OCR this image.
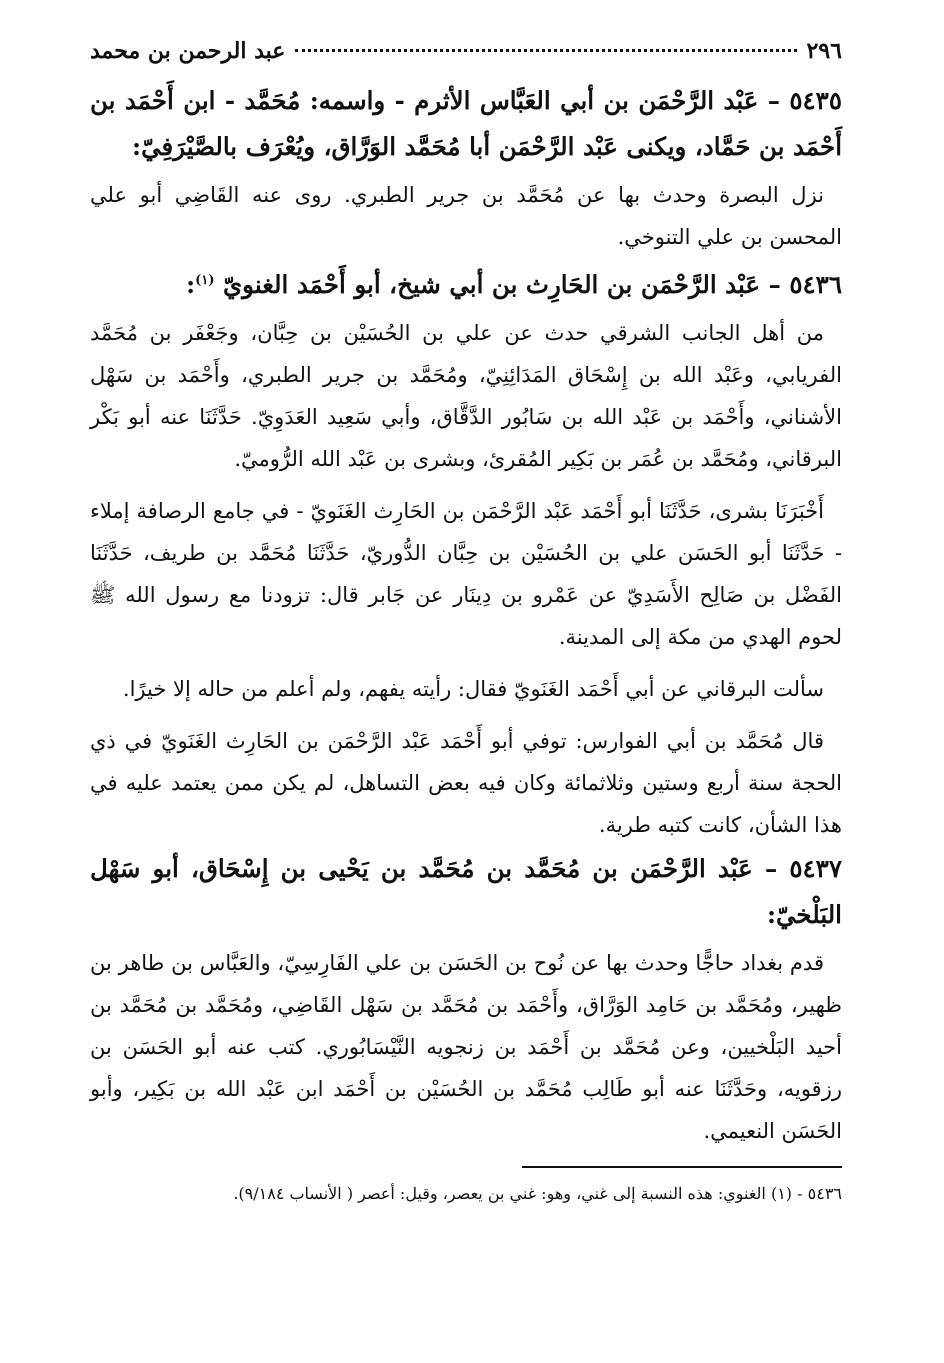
٢٩٦
عبد الرحمن بن محمد

٥٤٣٥ – عَبْد الرَّحْمَن بن أبي العَبَّاس الأثرم - واسمه: مُحَمَّد - ابن أَحْمَد بن أَحْمَد بن حَمَّاد، ويكنى عَبْد الرَّحْمَن أبا مُحَمَّد الوَرَّاق، ويُعْرَف بالصَّيْرَفِيّ:

نزل البصرة وحدث بها عن مُحَمَّد بن جرير الطبري. روى عنه القَاضِي أبو علي المحسن بن علي التنوخي.

٥٤٣٦ – عَبْد الرَّحْمَن بن الحَارِث بن أبي شيخ، أبو أَحْمَد الغنويّ $^{(١)}$:

من أهل الجانب الشرقي حدث عن علي بن الحُسَيْن بن حِبَّان، وجَعْفَر بن مُحَمَّد الفريابي، وعَبْد الله بن إِسْحَاق المَدَائِنِيّ، ومُحَمَّد بن جرير الطبري، وأَحْمَد بن سَهْل الأشناني، وأَحْمَد بن عَبْد الله بن سَابُور الدَّقَّاق، وأبي سَعِيد العَدَوِيّ. حَدَّثَنَا عنه أبو بَكْر البرقاني، ومُحَمَّد بن عُمَر بن بَكِير المُقرئ، وبشرى بن عَبْد الله الرُّوميّ.

أَخْبَرَنَا بشرى، حَدَّثَنَا أبو أَحْمَد عَبْد الرَّحْمَن بن الحَارِث الغَنَويّ - في جامع الرصافة إملاء - حَدَّثَنَا أبو الحَسَن علي بن الحُسَيْن بن حِبَّان الدُّوريّ، حَدَّثَنَا مُحَمَّد بن طريف، حَدَّثَنَا الفَضْل بن صَالِح الأَسَدِيّ عن عَمْرو بن دِينَار عن جَابر قال: تزودنا مع رسول الله ﷺ لحوم الهدي من مكة إلى المدينة.

سألت البرقاني عن أبي أَحْمَد الغَنَويّ فقال: رأيته يفهم، ولم أعلم من حاله إلا خيرًا.

قال مُحَمَّد بن أبي الفوارس: توفي أبو أَحْمَد عَبْد الرَّحْمَن بن الحَارِث الغَنَويّ في ذي الحجة سنة أربع وستين وثلاثمائة وكان فيه بعض التساهل، لم يكن ممن يعتمد عليه في هذا الشأن، كانت كتبه طرية.

٥٤٣٧ – عَبْد الرَّحْمَن بن مُحَمَّد بن مُحَمَّد بن يَحْيى بن إِسْحَاق، أبو سَهْل البَلْخيّ:

قدم بغداد حاجًّا وحدث بها عن نُوح بن الحَسَن بن علي الفَارِسِيّ، والعَبَّاس بن طاهر بن ظهير، ومُحَمَّد بن حَامِد الوَرَّاق، وأَحْمَد بن مُحَمَّد بن سَهْل القَاضِي، ومُحَمَّد بن مُحَمَّد بن أحيد البَلْخيين، وعن مُحَمَّد بن أَحْمَد بن زنجويه النَّيْسَابُوري. كتب عنه أبو الحَسَن بن رزقويه، وحَدَّثَنَا عنه أبو طَالِب مُحَمَّد بن الحُسَيْن بن أَحْمَد ابن عَبْد الله بن بَكِير، وأبو الحَسَن النعيمي.

٥٤٣٦ - (١) الغنوي: هذه النسبة إلى غني، وهو: غني بن يعصر، وقيل: أعصر ( الأنساب ٩/١٨٤).
